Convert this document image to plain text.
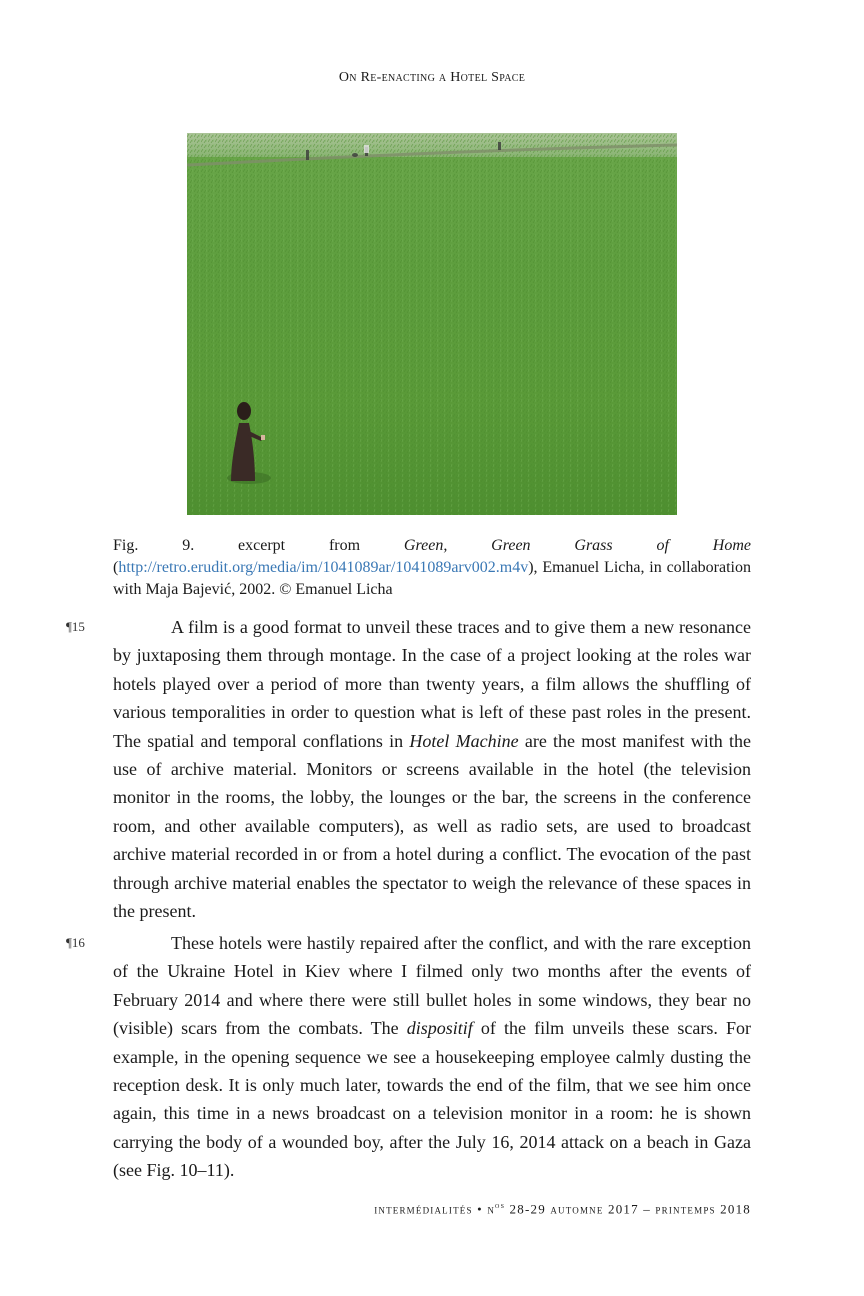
On Re-enacting a Hotel Space
Fig. 9. excerpt from Green, Green Grass of Home (http://retro.erudit.org/media/im/1041089ar/1041089arv002.m4v), Emanuel Licha, in collaboration with Maja Bajević, 2002. © Emanuel Licha
¶15	A film is a good format to unveil these traces and to give them a new resonance by juxtaposing them through montage. In the case of a project looking at the roles war hotels played over a period of more than twenty years, a film allows the shuffling of various temporalities in order to question what is left of these past roles in the present. The spatial and temporal conflations in Hotel Machine are the most manifest with the use of archive material. Monitors or screens available in the hotel (the television monitor in the rooms, the lobby, the lounges or the bar, the screens in the conference room, and other available computers), as well as radio sets, are used to broadcast archive material recorded in or from a hotel during a conflict. The evocation of the past through archive material enables the spectator to weigh the relevance of these spaces in the present.

¶16	These hotels were hastily repaired after the conflict, and with the rare exception of the Ukraine Hotel in Kiev where I filmed only two months after the events of February 2014 and where there were still bullet holes in some windows, they bear no (visible) scars from the combats. The dispositif of the film unveils these scars. For example, in the opening sequence we see a housekeeping employee calmly dusting the reception desk. It is only much later, towards the end of the film, that we see him once again, this time in a news broadcast on a television monitor in a room: he is shown carrying the body of a wounded boy, after the July 16, 2014 attack on a beach in Gaza (see Fig. 10–11).

intermédialités • $n^{os}$ 28-29 automne 2017 – printemps 2018
